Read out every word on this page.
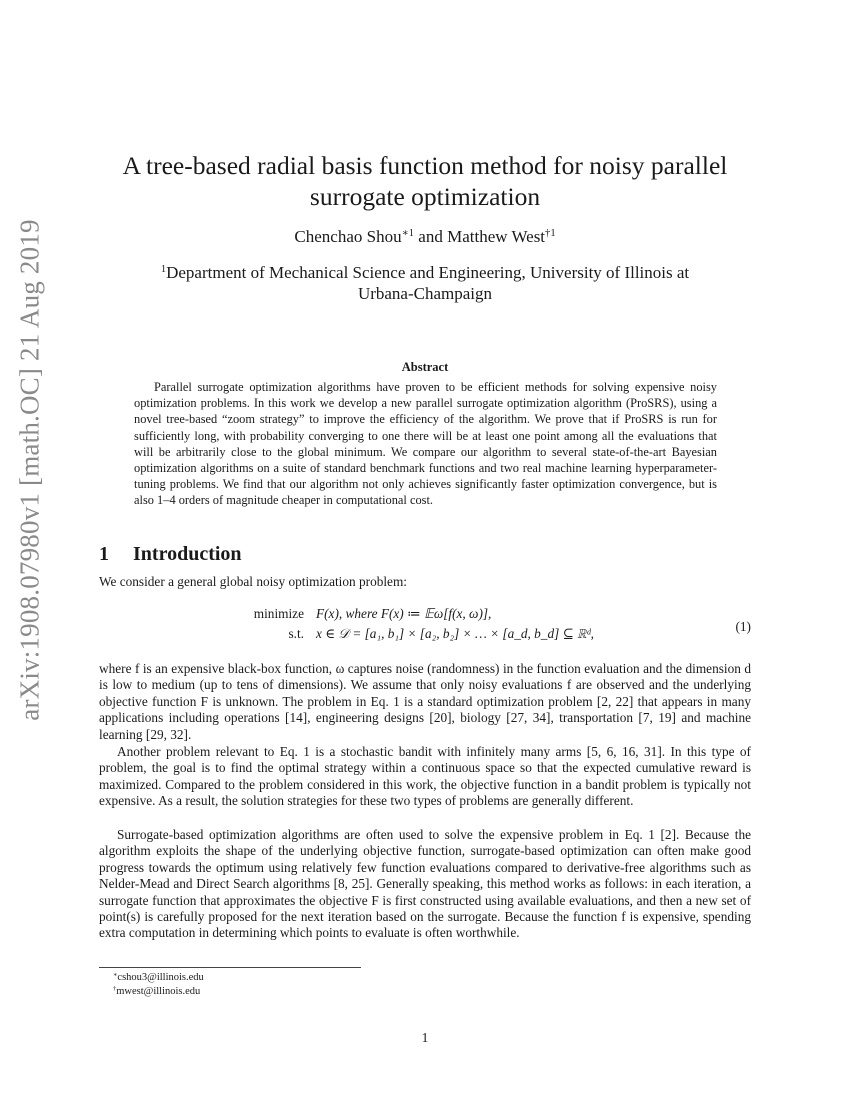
arXiv:1908.07980v1 [math.OC] 21 Aug 2019
A tree-based radial basis function method for noisy parallel
surrogate optimization
Chenchao Shou$^{∗1}$ and Matthew West$^{\dagger 1}$
$^1$Department of Mechanical Science and Engineering, University of Illinois at
Urbana-Champaign
Abstract

Parallel surrogate optimization algorithms have proven to be efficient methods for solving expensive noisy optimization problems. In this work we develop a new parallel surrogate optimization algorithm (ProSRS), using a novel tree-based “zoom strategy” to improve the efficiency of the algorithm. We prove that if ProSRS is run for sufficiently long, with probability converging to one there will be at least one point among all the evaluations that will be arbitrarily close to the global minimum. We compare our algorithm to several state-of-the-art Bayesian optimization algorithms on a suite of standard benchmark functions and two real machine learning hyperparameter-tuning problems. We find that our algorithm not only achieves significantly faster optimization convergence, but is also 1–4 orders of magnitude cheaper in computational cost.

1 Introduction

We consider a general global noisy optimization problem:

minimize F(x), where F(x) ≔ 𝔼ω[f(x, ω)],
s.t. x ∈ 𝒟 = [a₁, b₁] × [a₂, b₂] × … × [a_d, b_d] ⊆ ℝᵈ,	(1)

where f is an expensive black-box function, ω captures noise (randomness) in the function evaluation and the dimension d is low to medium (up to tens of dimensions). We assume that only noisy evaluations f are observed and the underlying objective function F is unknown. The problem in Eq. 1 is a standard optimization problem [2, 22] that appears in many applications including operations [14], engineering designs [20], biology [27, 34], transportation [7, 19] and machine learning [29, 32].

Another problem relevant to Eq. 1 is a stochastic bandit with infinitely many arms [5, 6, 16, 31]. In this type of problem, the goal is to find the optimal strategy within a continuous space so that the expected cumulative reward is maximized. Compared to the problem considered in this work, the objective function in a bandit problem is typically not expensive. As a result, the solution strategies for these two types of problems are generally different.

Surrogate-based optimization algorithms are often used to solve the expensive problem in Eq. 1 [2]. Because the algorithm exploits the shape of the underlying objective function, surrogate-based optimization can often make good progress towards the optimum using relatively few function evaluations compared to derivative-free algorithms such as Nelder-Mead and Direct Search algorithms [8, 25]. Generally speaking, this method works as follows: in each iteration, a surrogate function that approximates the objective F is first constructed using available evaluations, and then a new set of point(s) is carefully proposed for the next iteration based on the surrogate. Because the function f is expensive, spending extra computation in determining which points to evaluate is often worthwhile.

∗cshou3@illinois.edu
†mwest@illinois.edu
1
